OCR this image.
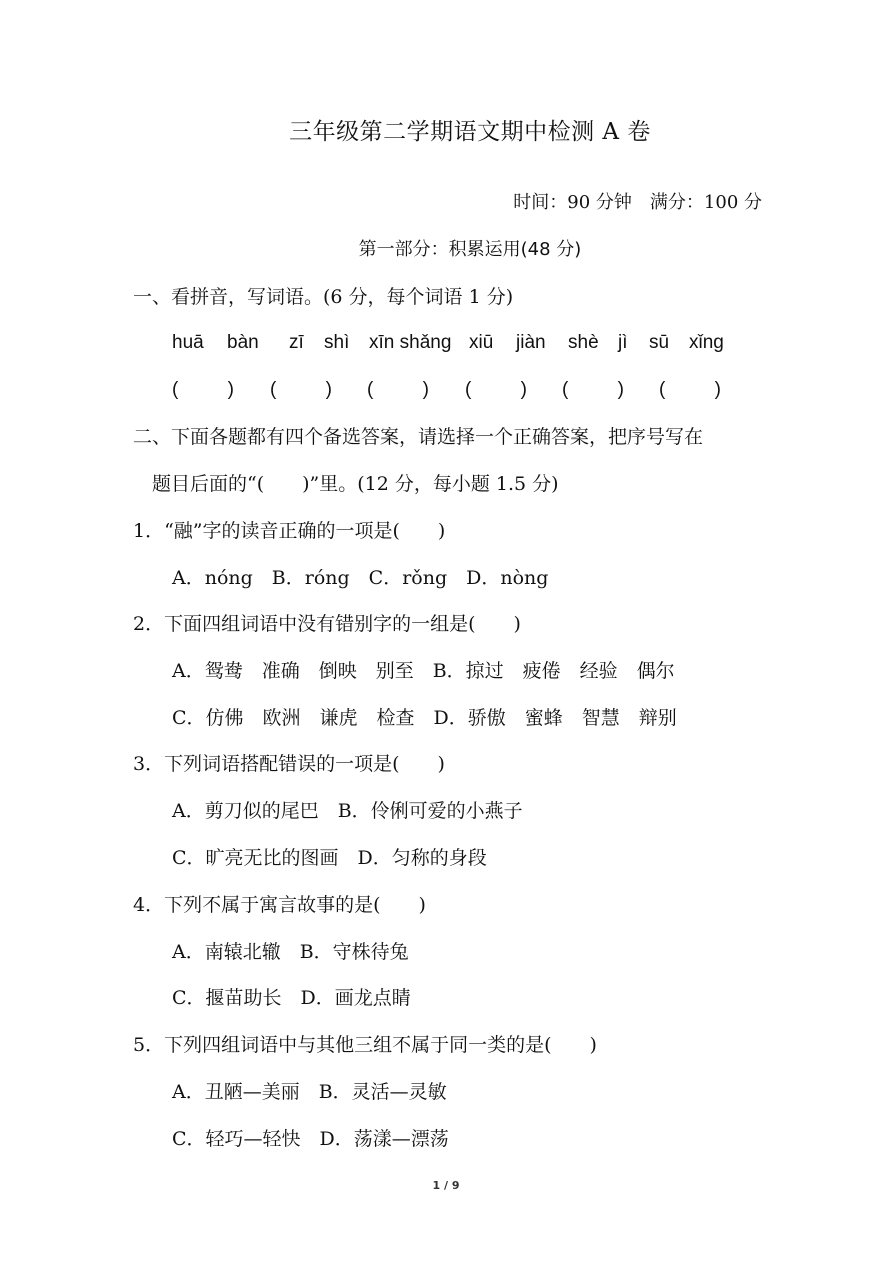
三年级第二学期语文期中检测 A 卷
时间：90 分钟　满分：100 分
第一部分：积累运用(48 分)
一、看拼音，写词语。(6 分，每个词语 1 分)
huā bàn zī shì xīn shǎng xiū jiàn shè jì sū xǐng
(	) (	) (	) (	) (	) (	)
二、下面各题都有四个备选答案，请选择一个正确答案，把序号写在
题目后面的“(　　)”里。(12 分，每小题 1.5 分)
1．“融”字的读音正确的一项是(　　)
A．nóng　B．róng　C．rǒng　D．nòng
2．下面四组词语中没有错别字的一组是(　　)
A．鸳鸯　准确　倒映　别至　B．掠过　疲倦　经验　偶尔
C．仿佛　欧洲　谦虎　检查　D．骄傲　蜜蜂　智慧　辩别
3．下列词语搭配错误的一项是(　　)
A．剪刀似的尾巴　B．伶俐可爱的小燕子
C．旷亮无比的图画　D．匀称的身段
4．下列不属于寓言故事的是(　　)
A．南辕北辙　B．守株待兔
C．揠苗助长　D．画龙点睛
5．下列四组词语中与其他三组不属于同一类的是(　　)
A．丑陋—美丽　B．灵活—灵敏
C．轻巧—轻快　D．荡漾—漂荡
1 / 9
